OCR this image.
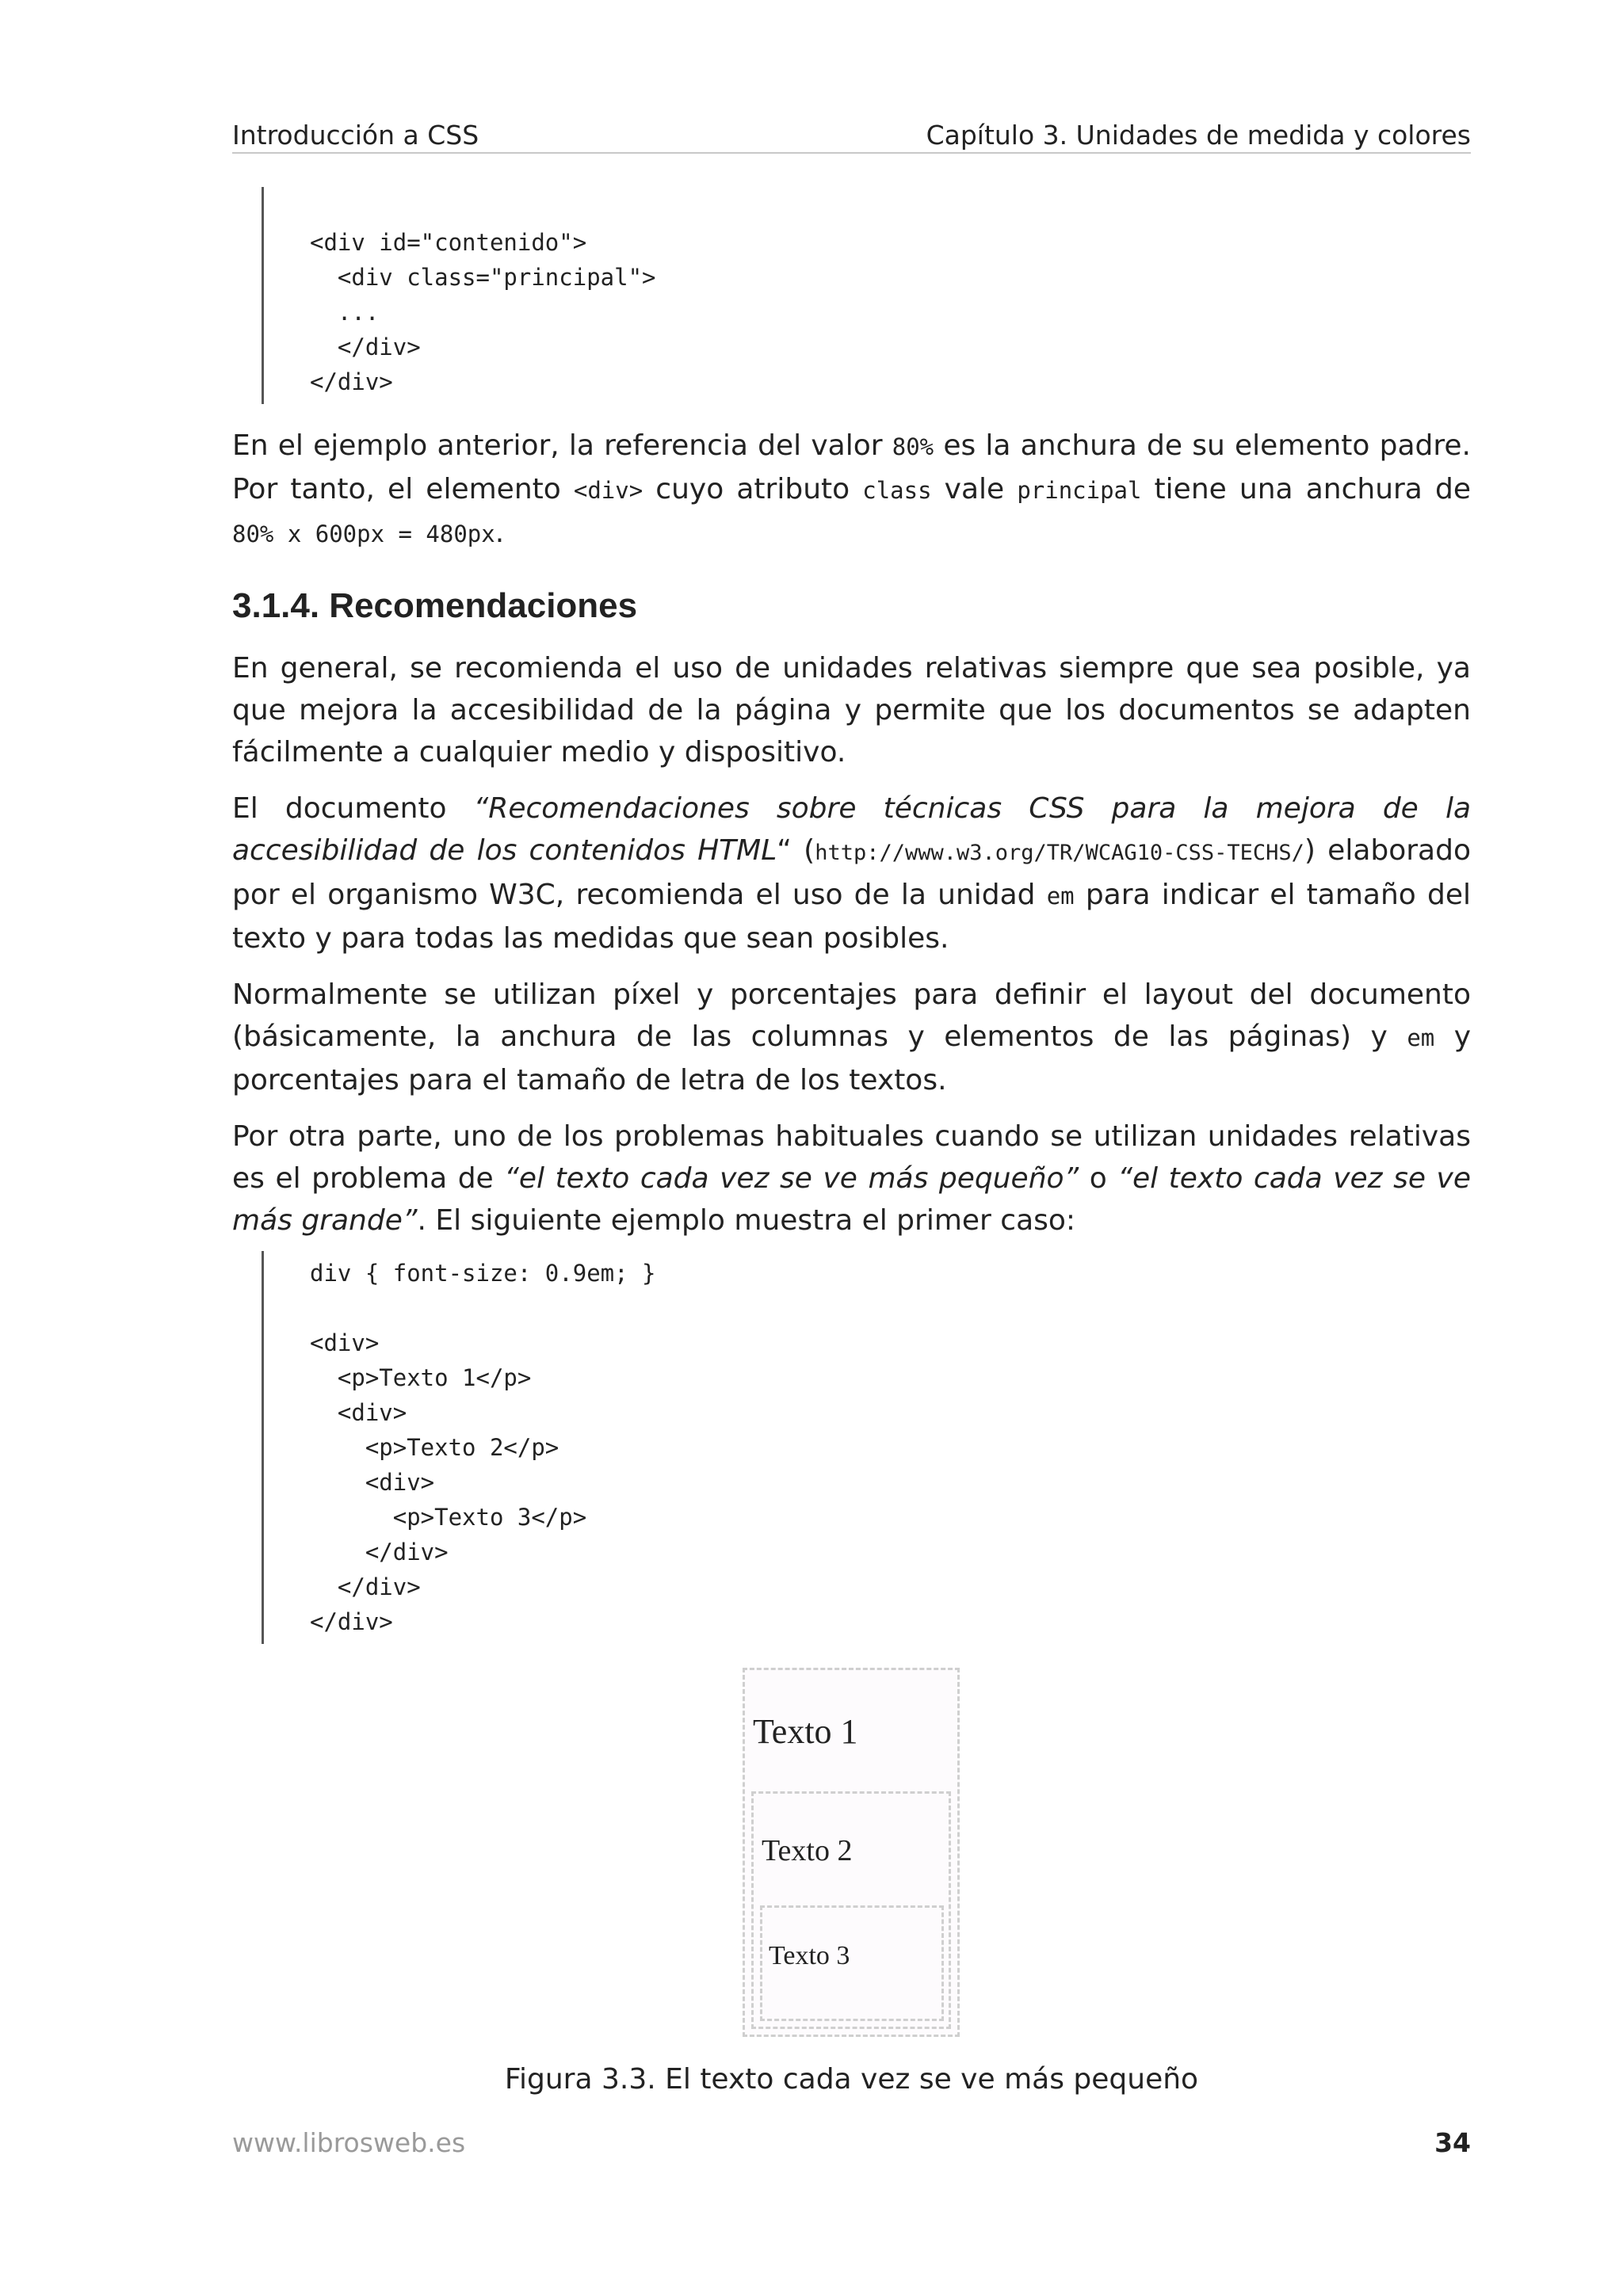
Introducción a CSS	Capítulo 3. Unidades de medida y colores
<div id="contenido">
<div class="principal">
...
</div>
</div>

En el ejemplo anterior, la referencia del valor 80% es la anchura de su elemento padre. Por tanto, el elemento <div> cuyo atributo class vale principal tiene una anchura de 80% x 600px = 480px.

3.1.4. Recomendaciones

En general, se recomienda el uso de unidades relativas siempre que sea posible, ya que mejora la accesibilidad de la página y permite que los documentos se adapten fácilmente a cualquier medio y dispositivo.

El documento “Recomendaciones sobre técnicas CSS para la mejora de la accesibilidad de los contenidos HTML“ (http://www.w3.org/TR/WCAG10-CSS-TECHS/) elaborado por el organismo W3C, recomienda el uso de la unidad em para indicar el tamaño del texto y para todas las medidas que sean posibles.

Normalmente se utilizan píxel y porcentajes para definir el layout del documento (básicamente, la anchura de las columnas y elementos de las páginas) y em y porcentajes para el tamaño de letra de los textos.

Por otra parte, uno de los problemas habituales cuando se utilizan unidades relativas es el problema de “el texto cada vez se ve más pequeño” o “el texto cada vez se ve más grande”. El siguiente ejemplo muestra el primer caso:

div { font-size: 0.9em; }
<div>
<p>Texto 1</p>
<div>
<p>Texto 2</p>
<div>
<p>Texto 3</p>
</div>
</div>
</div>
Texto 1
Texto 2
Texto 3
Figura 3.3. El texto cada vez se ve más pequeño
www.librosweb.es	34
